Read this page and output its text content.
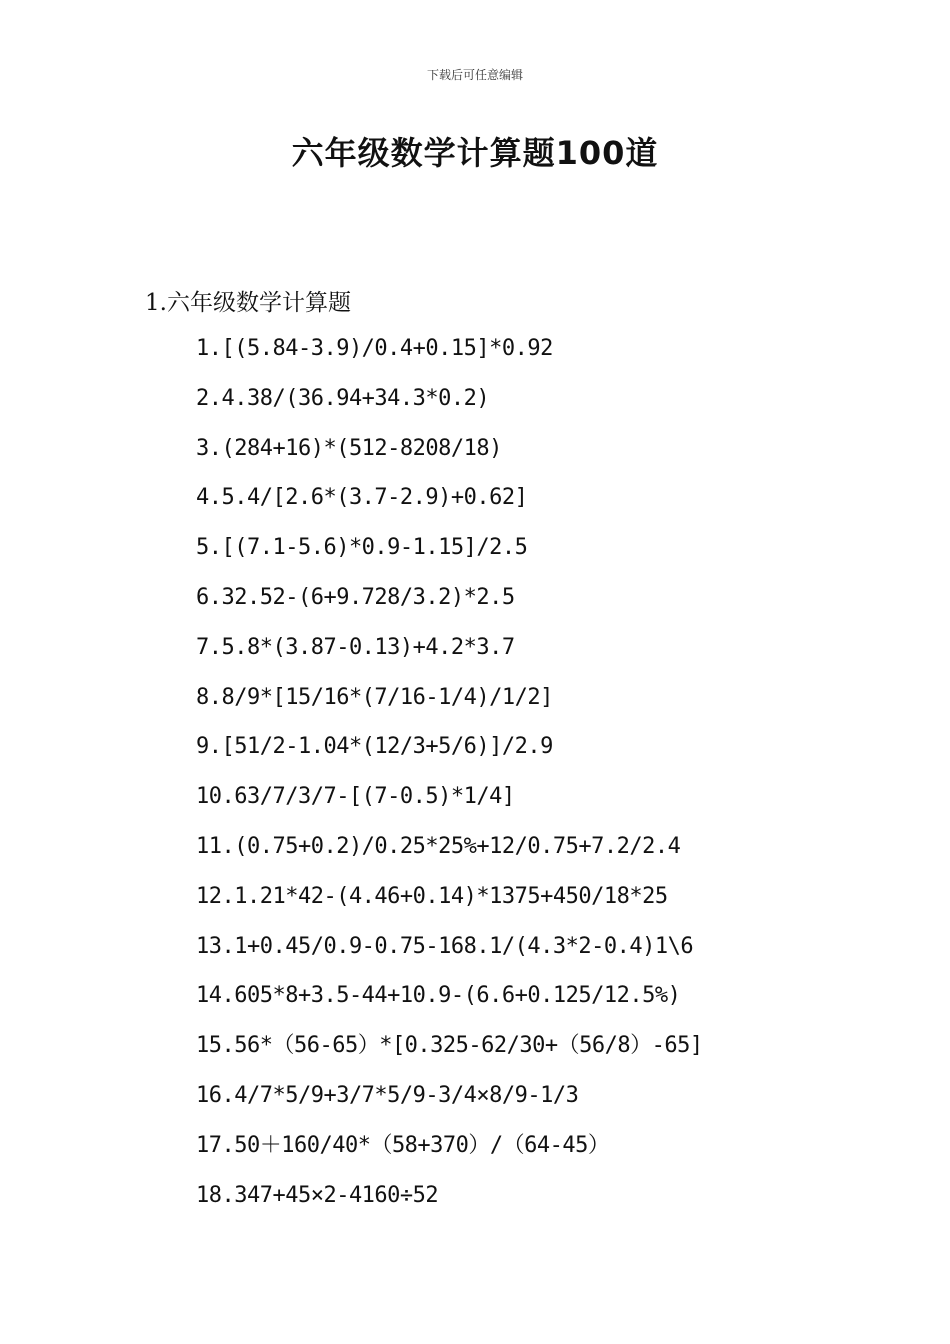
下载后可任意编辑
六年级数学计算题100道
1.六年级数学计算题
1.[(5.84-3.9)/0.4+0.15]*0.92
2.4.38/(36.94+34.3*0.2)
3.(284+16)*(512-8208/18)
4.5.4/[2.6*(3.7-2.9)+0.62]
5.[(7.1-5.6)*0.9-1.15]/2.5
6.32.52-(6+9.728/3.2)*2.5
7.5.8*(3.87-0.13)+4.2*3.7
8.8/9*[15/16*(7/16-1/4)/1/2]
9.[51/2-1.04*(12/3+5/6)]/2.9
10.63/7/3/7-[(7-0.5)*1/4]
11.(0.75+0.2)/0.25*25%+12/0.75+7.2/2.4
12.1.21*42-(4.46+0.14)*1375+450/18*25
13.1+0.45/0.9-0.75-168.1/(4.3*2-0.4)1\6
14.605*8+3.5-44+10.9-(6.6+0.125/12.5%)
15.56*（56-65）*[0.325-62/30+（56/8）-65]
16.4/7*5/9+3/7*5/9-3/4×8/9-1/3
17.50＋160/40*（58+370）/（64-45）
18.347+45×2-4160÷52
